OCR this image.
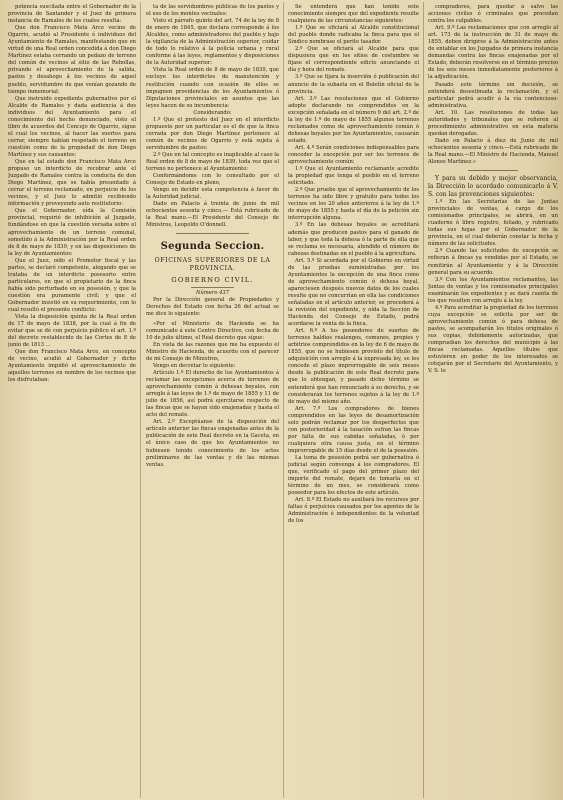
potencia suscitada entre el Gobernador de la provincia de Santander y el Juez de primera instancia de Ramales de los cuales resulta:

Que don Francisco Mata Arce vecino de Ogarrio, acudió al Presidente é individuos del Ayuntamiento de Ramales, manifestando que en virtud de una Real orden concedida á don Diego Martínez estaba cerrando un pedazo de terreno del común de vecinos al sitio de las Rebollas, privando el aprovechamiento de la salida, pastos y desahogo á los vecinos de aquel pueblo, servidumbre de que venían gozando de tiempo inmemorial:

Que instruido expediente gubernativo por el Alcalde de Ramales y dada audiencia á dos individuos del Ayuntamiento para el conocimiento del hecho denunciado, visto el libro de acuerdos del Concejo de Ogarrio, sigue el cual los vecinos, al hacer las suertes para cerrar, siempre habían respetado el terreno en cuestión como de la propiedad de don Diego Martínez y sus causantes:

Que en tal estado don Francisco Mata Arce propuso un interdicto de recobrar ante el Juzgado de Ramales contra la conducta de don Diego Martínez, que se había presentado á cerrar el terreno reclamado, en perjuicio de los vecinos, y el Juez lo admitió recibiendo información y proveyendo auto restitutorio:

Que el Gobernador, oída la Comisión provincial, requirió de inhibición al Juzgado, fundándose en que la cuestión versaba sobre el aprovechamiento de un terreno comunal, sometido á la Administración por la Real orden de 8 de mayo de 1839, y en las disposiciones de la ley de Ayuntamientos:

Que el Juez, oído el Promotor fiscal y las partes, se declaró competente, alegando que se trataba de un interdicto posesorio entre particulares, en que el propietario de la finca había sido perturbado en su posesión, y que la cuestión era puramente civil; y que el Gobernador insistió en su requerimiento, con lo cual resultó el presente conflicto:

Vista la disposición quinta de la Real orden de 17 de mayo de 1838, por la cual á fin de evitar que se dé con perjuicio público el art. 1.º del decreto restablecido de las Cortes de 8 de junio de 1813 ...

Que don Francisco Mata Arce, en concepto de vecino, acudió al Gobernador y dicho Ayuntamiento impidió el aprovechamiento de aquellos terrenos en nombre de los vecinos que los disfrutaban:

ta de las servidumbres públicas de los pastos y el uso de los montes vecinales:

Visto el párrafo quinto del art. 74 de la ley de 8 de enero de 1845, que declara corresponde á los Alcaldes, como administradores del pueblo y bajo la vigilancia de la Administración superior, cuidar de todo lo relativo á la policía urbana y rural conforme á las leyes, reglamentos y disposiciones de la Autoridad superior:

Vista la Real orden de 8 de mayo de 1839, que excluye los interdictos de manutención y restitución cuando con ocasión de ellos se impugnen providencias de los Ayuntamientos ó Diputaciones provinciales en asuntos que las leyes hacen de su incumbencia:

Considerando:

1.º Que el protesto del Juez en el interdicto propuesto por un particular es el de que la finca cerrada por don Diego Martínez pertenece al común de vecinos de Ogarrio y está sujeta á servidumbre de pastos:

2.º Que en tal concepto es inaplicable al caso la Real orden de 8 de mayo de 1839, toda vez que el terreno no pertenece al Ayuntamiento:

Conformándome con lo consultado por el Consejo de Estado en pleno,

Vengo en decidir esta competencia á favor de la Autoridad judicial.

Dado en Palacio á treinta de junio de mil ochocientos sesenta y cinco.— Está rubricado de la Real mano.—El Presidente del Consejo de Ministros, Leopoldo O'donnell.

Segunda Seccion.

OFICINAS SUPERIORES DE LA PROVINCIA.

GOBIERNO CIVIL.

Número 437

Por la Dirección general de Propiedades y Derechos del Estado con fecha 26 del actual se me dice lo siguiente:

«Por el Ministerio de Hacienda se ha comunicado á este Centro Directivo, con fecha de 10 de julio último, el Real decreto que sigue:

En vista de las razones que me ha expuesto el Ministro de Hacienda, de acuerdo con el parecer de mi Consejo de Ministros,

Vengo en decretar lo siguiente:

Artículo 1.º El derecho de los Ayuntamientos á reclamar las excepciones acerca de terrenos de aprovechamiento común á dehesas boyales, con arreglo á las leyes de 1.º de mayo de 1855 y 11 de julio de 1856, así podrá ejercitarse respecto de las fincas que se hayan sido enajenadas y hasta el acto del remate.

Art. 2.º Exceptúanse de la disposición del artículo anterior las fincas enajenadas antes de la publicación de este Real decreto en la Gaceta, en el único caso de que los Ayuntamientos no hubiesen tenido conocimiento de los actos preliminares de las ventas y de las mismas ventas.

Se entenderá que han tenido este conocimiento siempre que del expediente resulte cualquiera de las circunstancias siguientes:

1.º Que se oficiará al Alcalde constitucional del pueblo donde radicaba la finca para que el Síndico nombrase el perito tasador.

2.º Que se oficiará al Alcalde para que dispusiera que en los sitios de costumbre se fijase el correspondiente edicto anunciando el día y hora del remate.

3.º Que se fijara la inserción ó publicación del anuncio de la subasta en el Boletín oficial de la provincia.

Art. 3.º Las resoluciones que el Gobierno adopte declarando no comprendidos en la excepción señalada en el número 9 del art. 2.º de la ley de 1.º de mayo de 1855 algunos terrenos reclamados como de aprovechamiento común ó dehesas boyales por los Ayuntamientos, causarán estado.

Art. 4.º Serán condiciones indispensables para conceder la excepción por ser los terrenos de aprovechamiento común:

1.º Que el Ayuntamiento reclamante acredite la propiedad que tenga el pueblo en el terreno solicitado.

2.º Que pruebe que el aprovechamiento de los terrenos ha sido libre y gratuito para todos los vecinos en los 20 años anteriores á la ley de 1.º de mayo de 1855 y hasta el día de la petición sin interrupción alguna.

3.º En las dehesas boyales se acreditará además que producen pastos para el ganado de labor, y que toda la dehesa ó la parte de ella que se reclama es necesaria, atendido el número de cabezas destinadas en el pueblo á la agricultura.

Art. 5.º Si acordada por el Gobierno en virtud de las pruebas suministradas por los Ayuntamientos la excepción de una finca como de aprovechamiento común ó dehesa boyal, apareciesen después nuevos datos de los cuales resulte que no concurrían en ella las condiciones señaladas en el artículo anterior, se procederá á la revisión del expediente, y oída la Sección de Hacienda del Consejo de Estado, podrá acordarse la venta de la finca.

Art. 6.º A los poseedores de suertes de terrenos baldíos realengos, comunes, propios y arbitrios comprendidos en la ley de 6 de mayo de 1855, que no se hubiesen provisto del título de adquisición con arreglo á la expresada ley, se les concede el plazo improrrogable de seis meses desde la publicación de este Real decreto para que lo obtengan, y pasado dicho término se entenderá que han renunciado á su derecho, y se considerarán los terrenos sujetos á la ley de 1.º de mayo del mismo año.

Art. 7.º Los compradores de bienes comprendidos en las leyes de desamortización solo podrán reclamar por los desperfectos que con posterioridad á la tasación sufran las fincas por falta de sus cabidas señaladas, ó por cualquiera otra causa justa, en el término improrrogable de 15 días desde el de la posesión.

La toma de posesión podrá ser gubernativa ó judicial según convenga á los compradores. El que, verificado el pago del primer plazo del importe del remate, dejare de tomarla en el término de un mes, se considerará como poseedor para los efectos de este artículo.

Art. 8.º El Estado no auxiliará los recursos por faltas ó perjuicios causados por los agentes de la Administración é independientes de la voluntad de los

compradores, para quedar á salvo las acciones civiles ó criminales que procedan contra los culpables.

Art. 9.º Las reclamaciones que con arreglo al art. 173 de la instrucción de 31 de mayo de 1855, deben dirigirse á la Administración antes de entablar en los Juzgados de primera instancia demandas contra las fincas enajenadas por el Estado, deberán resolverse en el término preciso de los seis meses inmediatamente posteriores á la adjudicación.

Pasado este término sin decisión, se entenderá desestimada la reclamación, y el particular podrá acudir á la vía contencioso-administrativa.

Art. 10. Las resoluciones de todas las autoridades y tribunales que se refieren al procedimiento administrativo en esta materia quedan derogadas.

Dado en Palacio á diez de Junio de mil ochocientos sesenta y cinco.—Está rubricado de la Real mano.—El Ministro de Hacienda, Manuel Alonso Martínez.»

Y para su debido y mejor observancia, la Dirección lo acordado comunicarlo á V. S. con las prevenciones siguientes:

1.º En las Secretarías de las Juntas provinciales de ventas, á cargo de los comisionados principales, se abrirá, en un cuaderno ó libro registro, foliado, y rubricado todas sus hojas por el Gobernador de la provincia, en el cual deberán constar la fecha y número de las solicitudes.

2.º Cuando las solicitudes de excepción se refieran á fincas ya vendidas por el Estado, se remitirán al Ayuntamiento y á la Dirección general para su acuerdo.

3.º Con los Ayuntamientos reclamantes, las Juntas de ventas y los comisionados principales examinarán los expedientes y se dará cuenta de los que resulten con arreglo á la ley.

4.º Para acreditar la propiedad de los terrenos cuya excepción se solicita por ser de aprovechamiento común ó para dehesa de pastos, se acompañarán los títulos originales ó sus copias, debidamente autorizadas, que comprueban los derechos del municipio á las fincas reclamadas. Aquellos títulos que estuvieren en poder de los interesados se cotejarán por el Secretario del Ayuntamiento, y V. S. lo
